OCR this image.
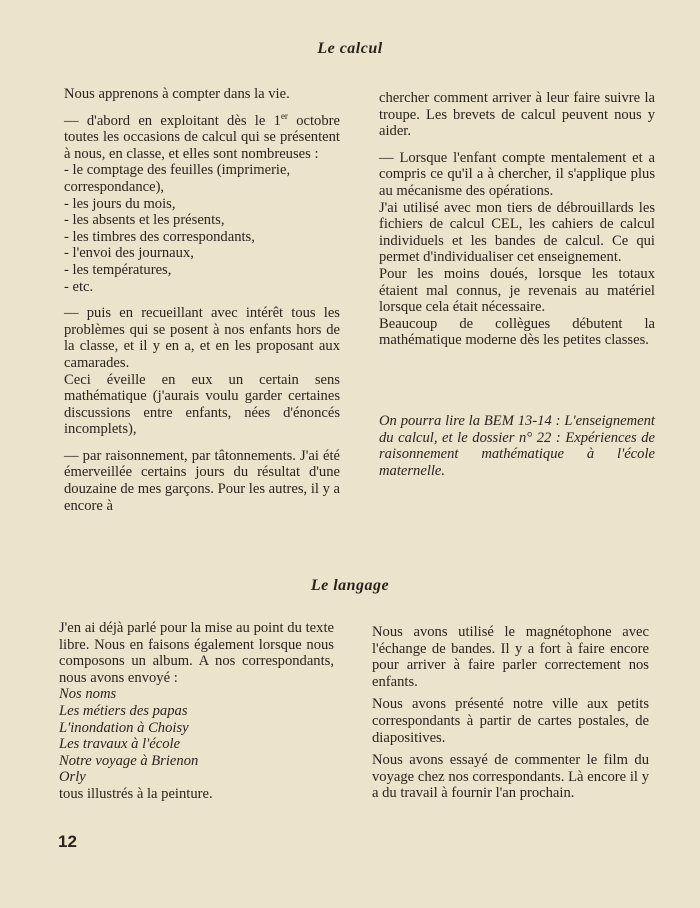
Le calcul

Nous apprenons à compter dans la vie.

— d'abord en exploitant dès le 1er octobre toutes les occasions de calcul qui se présentent à nous, en classe, et elles sont nombreuses :

- le comptage des feuilles (imprimerie, correspondance),

- les jours du mois,

- les absents et les présents,

- les timbres des correspondants,

- l'envoi des journaux,

- les températures,

- etc.

— puis en recueillant avec intérêt tous les problèmes qui se posent à nos enfants hors de la classe, et il y en a, et en les proposant aux camarades.

Ceci éveille en eux un certain sens mathématique (j'aurais voulu garder certaines discussions entre enfants, nées d'énoncés incomplets),

— par raisonnement, par tâtonnements. J'ai été émerveillée certains jours du résultat d'une douzaine de mes garçons. Pour les autres, il y a encore à

chercher comment arriver à leur faire suivre la troupe. Les brevets de calcul peuvent nous y aider.

— Lorsque l'enfant compte mentalement et a compris ce qu'il a à chercher, il s'applique plus au mécanisme des opérations.

J'ai utilisé avec mon tiers de débrouillards les fichiers de calcul CEL, les cahiers de calcul individuels et les bandes de calcul. Ce qui permet d'individualiser cet enseignement.

Pour les moins doués, lorsque les totaux étaient mal connus, je revenais au matériel lorsque cela était nécessaire.

Beaucoup de collègues débutent la mathématique moderne dès les petites classes.

On pourra lire la BEM 13-14 : L'enseignement du calcul, et le dossier n° 22 : Expériences de raisonnement mathématique à l'école maternelle.

Le langage

J'en ai déjà parlé pour la mise au point du texte libre. Nous en faisons également lorsque nous composons un album. A nos correspondants, nous avons envoyé :

Nos noms

Les métiers des papas

L'inondation à Choisy

Les travaux à l'école

Notre voyage à Brienon

Orly

tous illustrés à la peinture.

Nous avons utilisé le magnétophone avec l'échange de bandes. Il y a fort à faire encore pour arriver à faire parler correctement nos enfants.

Nous avons présenté notre ville aux petits correspondants à partir de cartes postales, de diapositives.

Nous avons essayé de commenter le film du voyage chez nos correspondants. Là encore il y a du travail à fournir l'an prochain.

12
